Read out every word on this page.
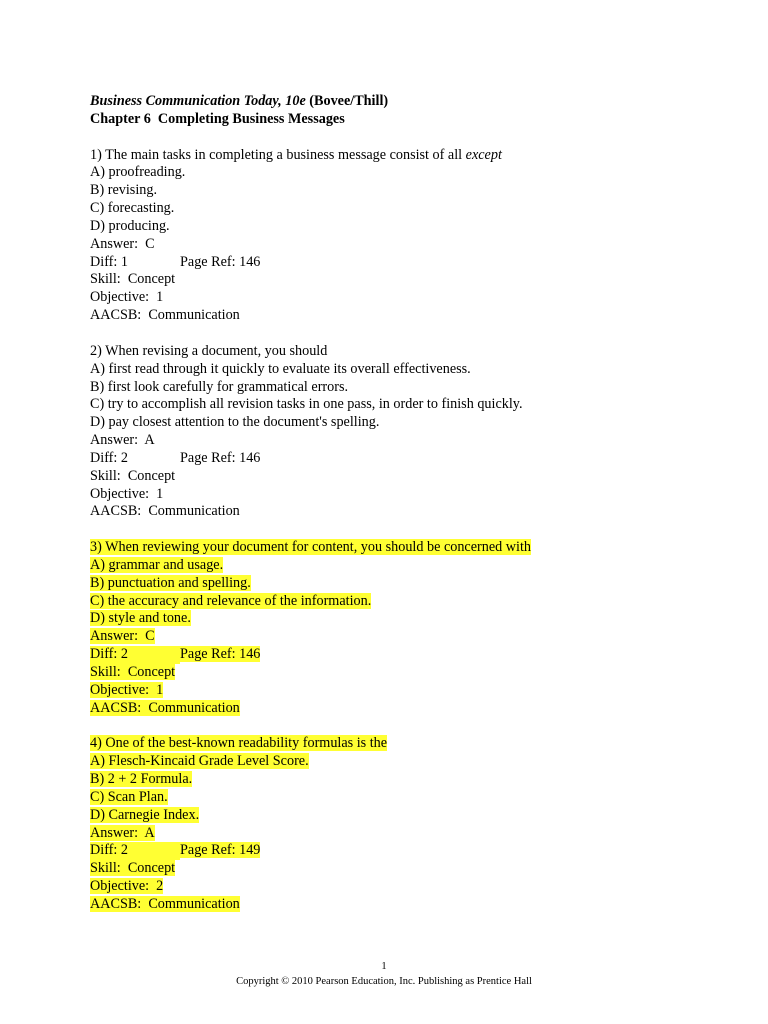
Business Communication Today, 10e (Bovee/Thill)
Chapter 6  Completing Business Messages
1) The main tasks in completing a business message consist of all except
A) proofreading.
B) revising.
C) forecasting.
D) producing.
Answer:  C
Diff: 1	Page Ref: 146
Skill:  Concept
Objective:  1
AACSB:  Communication
2) When revising a document, you should
A) first read through it quickly to evaluate its overall effectiveness.
B) first look carefully for grammatical errors.
C) try to accomplish all revision tasks in one pass, in order to finish quickly.
D) pay closest attention to the document's spelling.
Answer:  A
Diff: 2	Page Ref: 146
Skill:  Concept
Objective:  1
AACSB:  Communication
3) When reviewing your document for content, you should be concerned with
A) grammar and usage.
B) punctuation and spelling.
C) the accuracy and relevance of the information.
D) style and tone.
Answer:  C
Diff: 2	Page Ref: 146
Skill:  Concept
Objective:  1
AACSB:  Communication
4) One of the best-known readability formulas is the
A) Flesch-Kincaid Grade Level Score.
B) 2 + 2 Formula.
C) Scan Plan.
D) Carnegie Index.
Answer:  A
Diff: 2	Page Ref: 149
Skill:  Concept
Objective:  2
AACSB:  Communication
1
Copyright © 2010 Pearson Education, Inc. Publishing as Prentice Hall
